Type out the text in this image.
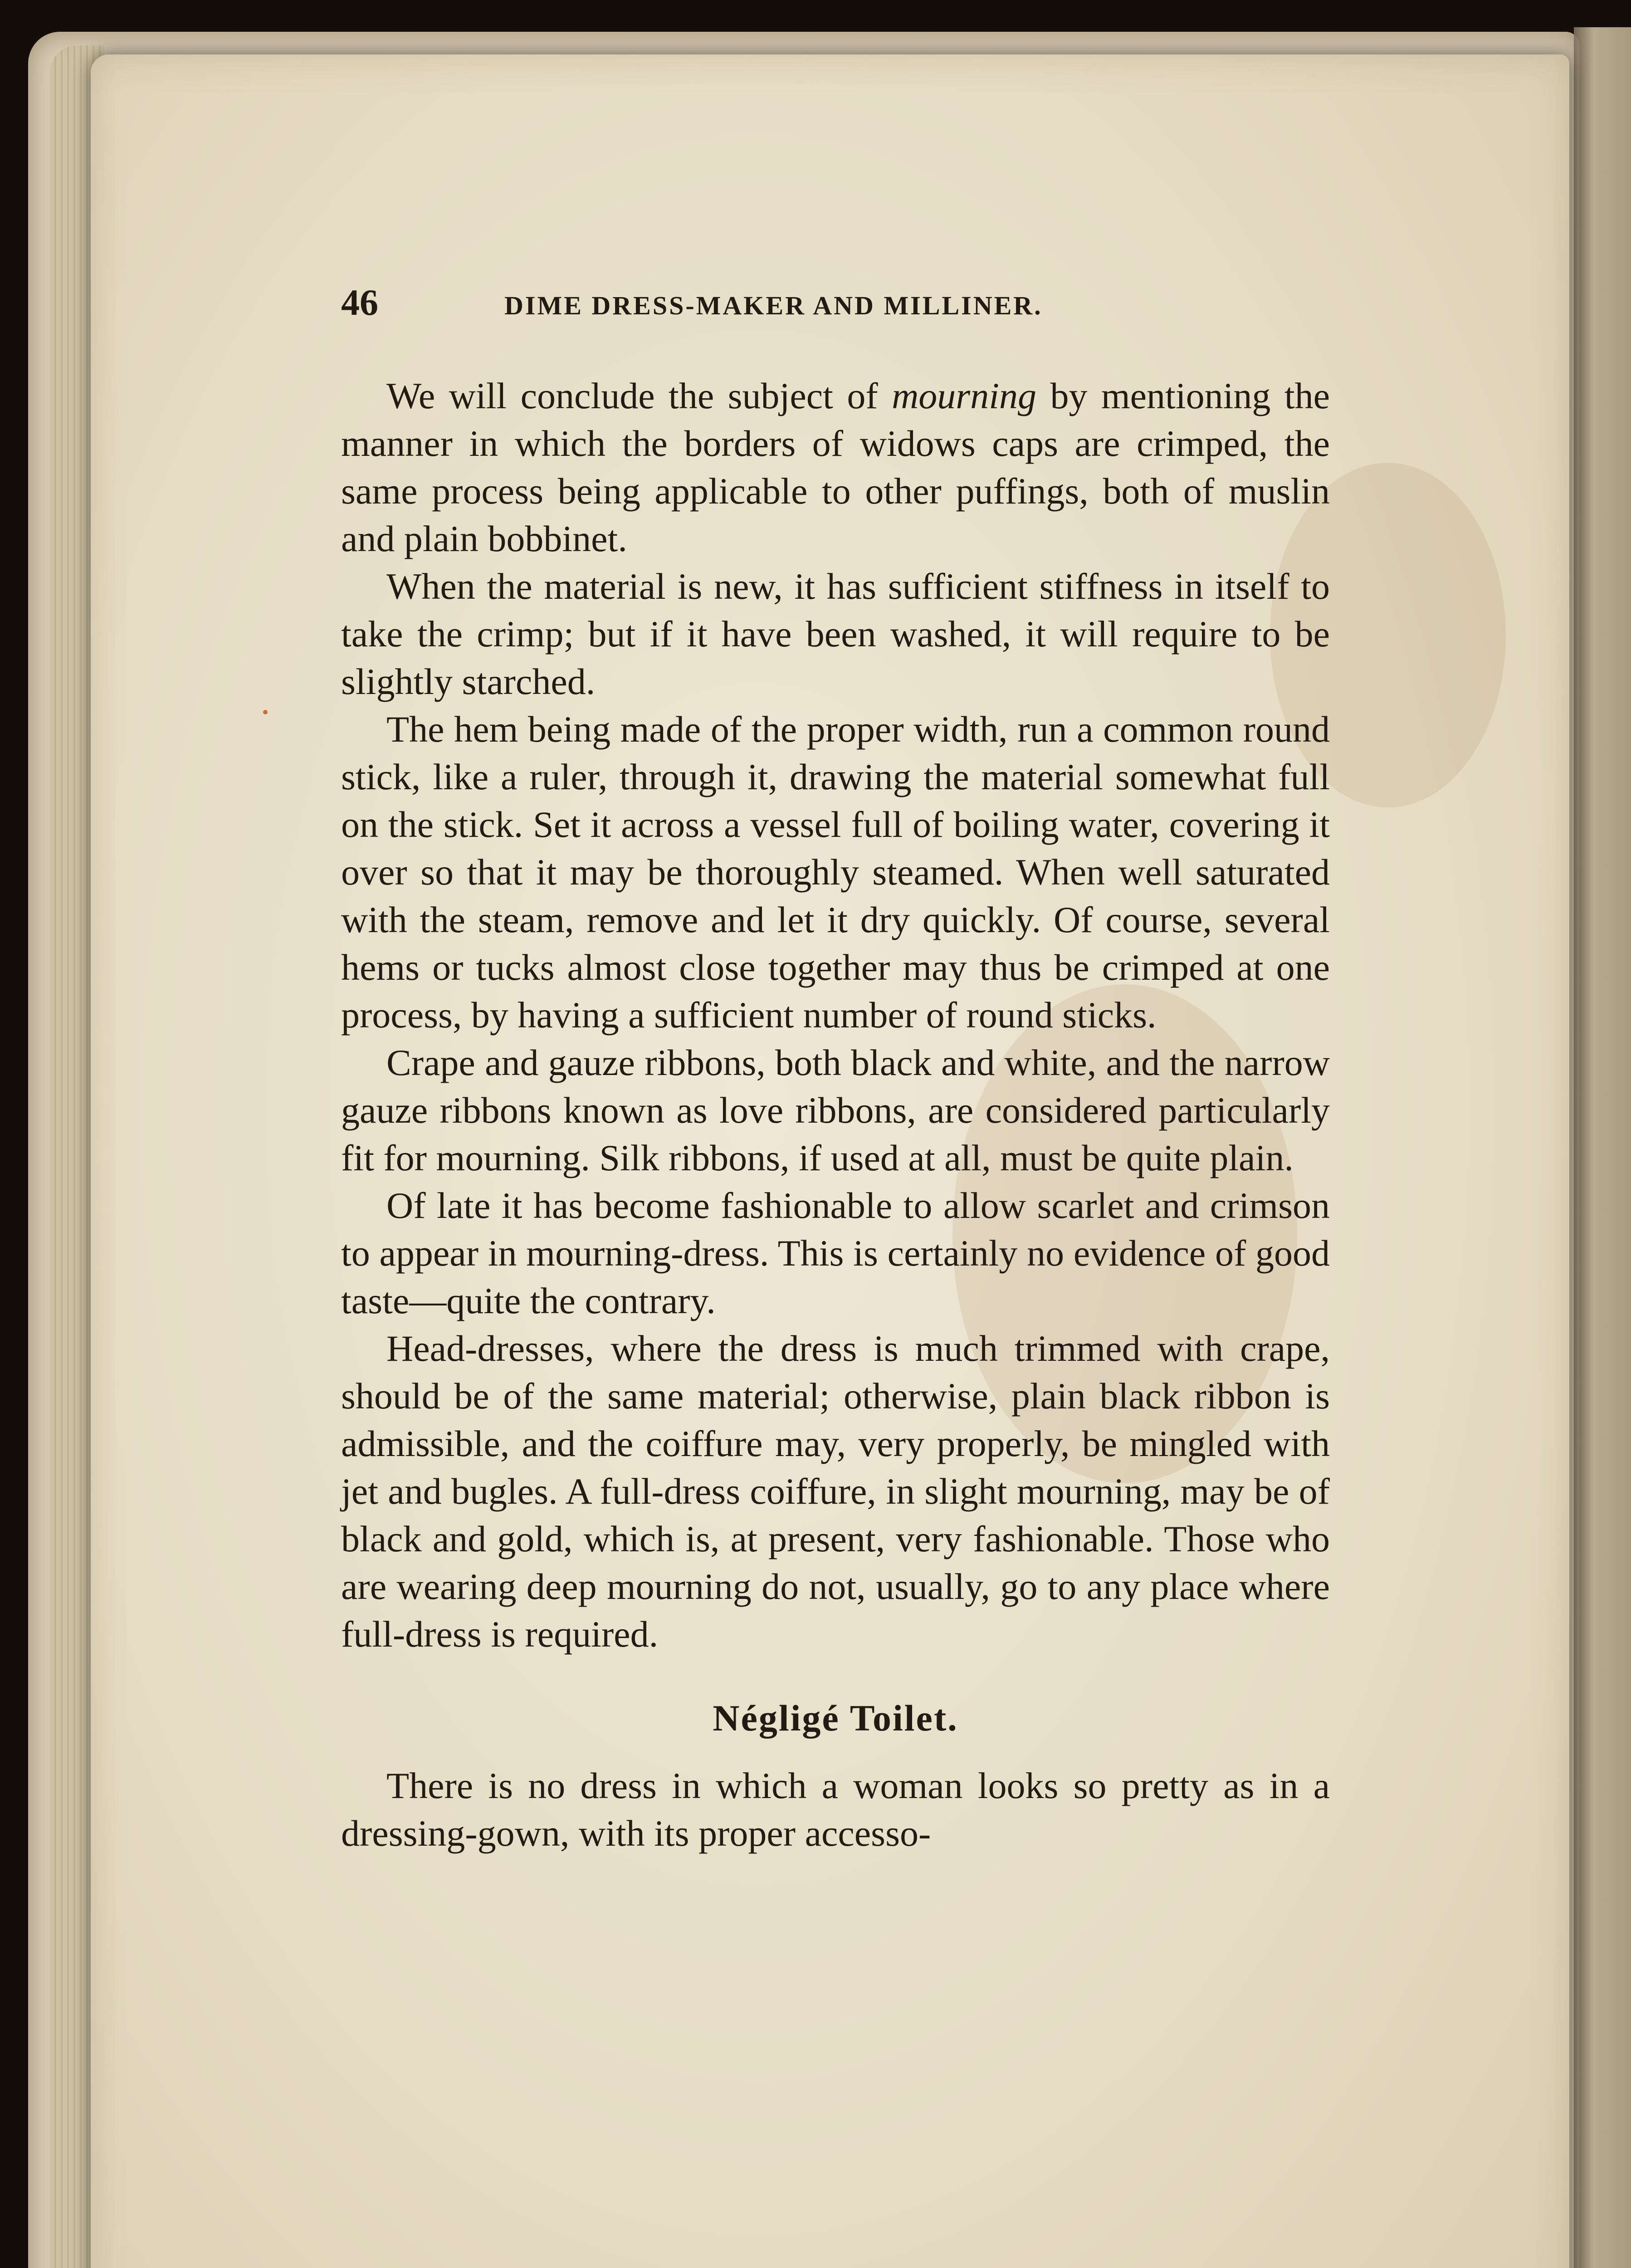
46	DIME DRESS-MAKER AND MILLINER.

We will conclude the subject of mourning by mentioning the manner in which the borders of widows caps are crimped, the same process being applicable to other puffings, both of muslin and plain bobbinet.

When the material is new, it has sufficient stiffness in itself to take the crimp; but if it have been washed, it will require to be slightly starched.

The hem being made of the proper width, run a common round stick, like a ruler, through it, drawing the material somewhat full on the stick. Set it across a vessel full of boiling water, covering it over so that it may be thoroughly steamed. When well saturated with the steam, remove and let it dry quickly. Of course, several hems or tucks almost close together may thus be crimped at one process, by having a sufficient number of round sticks.

Crape and gauze ribbons, both black and white, and the narrow gauze ribbons known as love ribbons, are considered particularly fit for mourning. Silk ribbons, if used at all, must be quite plain.

Of late it has become fashionable to allow scarlet and crimson to appear in mourning-dress. This is certainly no evidence of good taste—quite the contrary.

Head-dresses, where the dress is much trimmed with crape, should be of the same material; otherwise, plain black ribbon is admissible, and the coiffure may, very properly, be mingled with jet and bugles. A full-dress coiffure, in slight mourning, may be of black and gold, which is, at present, very fashionable. Those who are wearing deep mourning do not, usually, go to any place where full-dress is required.

Négligé Toilet.

There is no dress in which a woman looks so pretty as in a dressing-gown, with its proper accesso-
